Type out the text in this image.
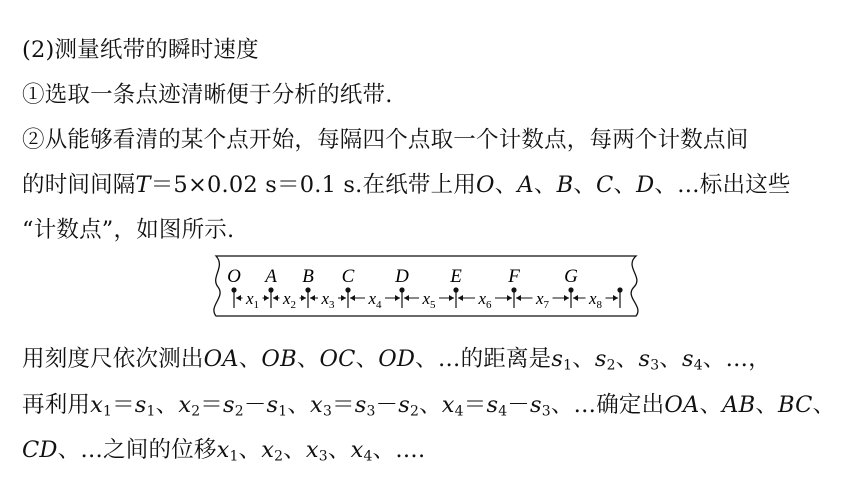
(2)测量纸带的瞬时速度
①选取一条点迹清晰便于分析的纸带.
②从能够看清的某个点开始，每隔四个点取一个计数点，每两个计数点间
的时间间隔T＝5×0.02 s＝0.1 s.在纸带上用O、A、B、C、D、…标出这些
“计数点”，如图所示.
O A B C D E F G
$x_1$ $x_2$ $x_3$ $x_4$ $x_5$	$x_6$	$x_7$ $x_8$
用刻度尺依次测出OA、OB、OC、OD、…的距离是$s_1$、$s_2$、$s_3$、$s_4$、…，
再利用$x_1=s_1$、$x_2=s_2-s_1$、$x_3=s_3-s_2$、$x_4=s_4-s_3$、…确定出OA、AB、BC、
CD、…之间的位移$x_1$、$x_2$、$x_3$、$x_4$、….
